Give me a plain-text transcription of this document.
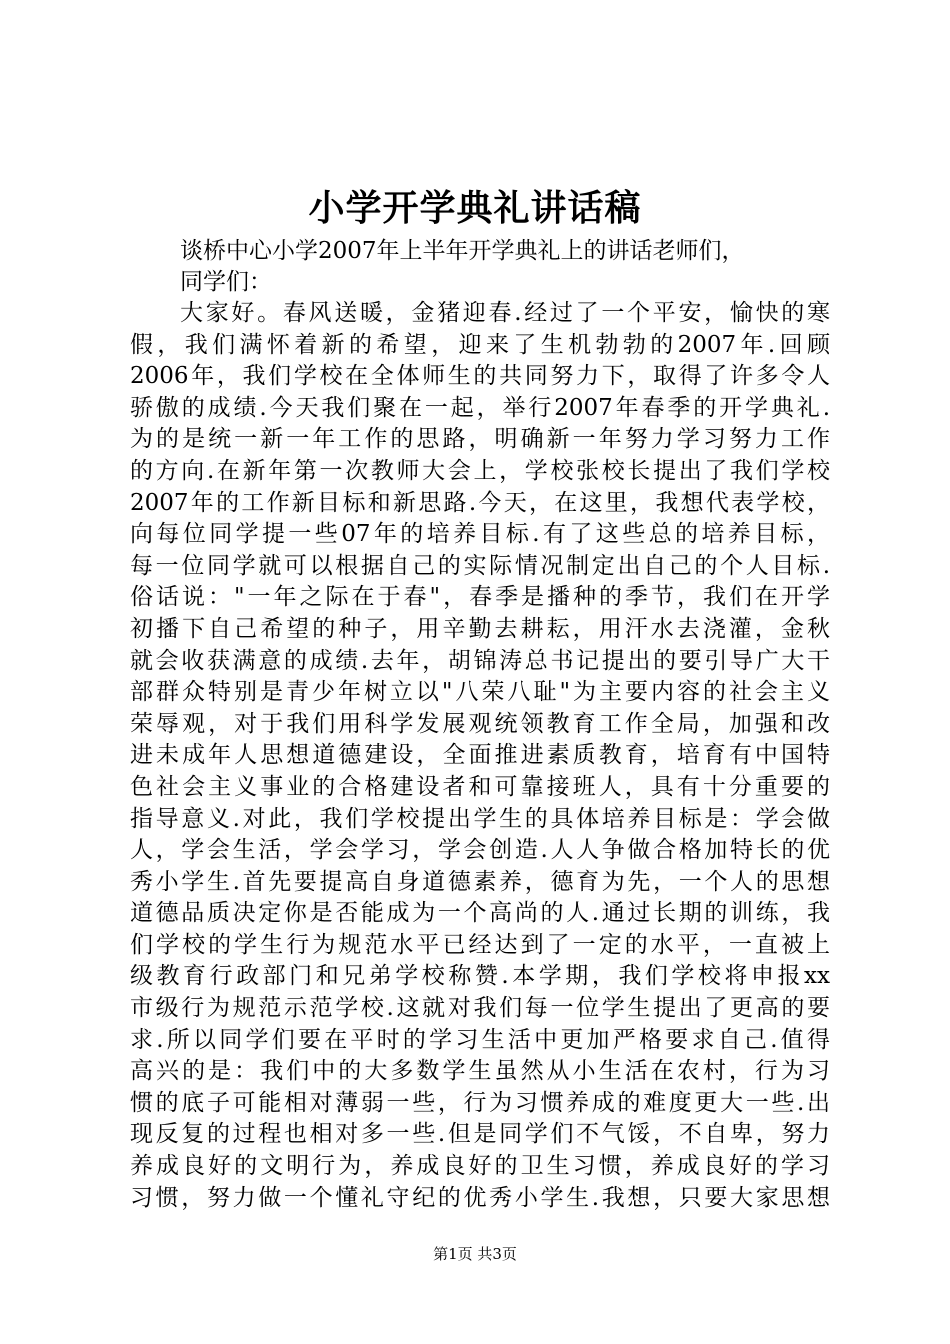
小学开学典礼讲话稿
谈桥中心小学2007年上半年开学典礼上的讲话老师们，
同学们：
大家好。春风送暖，金猪迎春.经过了一个平安，愉快的寒
假，我们满怀着新的希望，迎来了生机勃勃的2007年.回顾
2006年，我们学校在全体师生的共同努力下，取得了许多令人
骄傲的成绩.今天我们聚在一起，举行2007年春季的开学典礼.
为的是统一新一年工作的思路，明确新一年努力学习努力工作
的方向.在新年第一次教师大会上，学校张校长提出了我们学校
2007年的工作新目标和新思路.今天，在这里，我想代表学校，
向每位同学提一些07年的培养目标.有了这些总的培养目标，
每一位同学就可以根据自己的实际情况制定出自己的个人目标.
俗话说："一年之际在于春"，春季是播种的季节，我们在开学
初播下自己希望的种子，用辛勤去耕耘，用汗水去浇灌，金秋
就会收获满意的成绩.去年，胡锦涛总书记提出的要引导广大干
部群众特别是青少年树立以"八荣八耻"为主要内容的社会主义
荣辱观，对于我们用科学发展观统领教育工作全局，加强和改
进未成年人思想道德建设，全面推进素质教育，培育有中国特
色社会主义事业的合格建设者和可靠接班人，具有十分重要的
指导意义.对此，我们学校提出学生的具体培养目标是：学会做
人，学会生活，学会学习，学会创造.人人争做合格加特长的优
秀小学生.首先要提高自身道德素养，德育为先，一个人的思想
道德品质决定你是否能成为一个高尚的人.通过长期的训练，我
们学校的学生行为规范水平已经达到了一定的水平，一直被上
级教育行政部门和兄弟学校称赞.本学期，我们学校将申报xx
市级行为规范示范学校.这就对我们每一位学生提出了更高的要
求.所以同学们要在平时的学习生活中更加严格要求自己.值得
高兴的是：我们中的大多数学生虽然从小生活在农村，行为习
惯的底子可能相对薄弱一些，行为习惯养成的难度更大一些.出
现反复的过程也相对多一些.但是同学们不气馁，不自卑，努力
养成良好的文明行为，养成良好的卫生习惯，养成良好的学习
习惯，努力做一个懂礼守纪的优秀小学生.我想，只要大家思想
第1页 共3页
